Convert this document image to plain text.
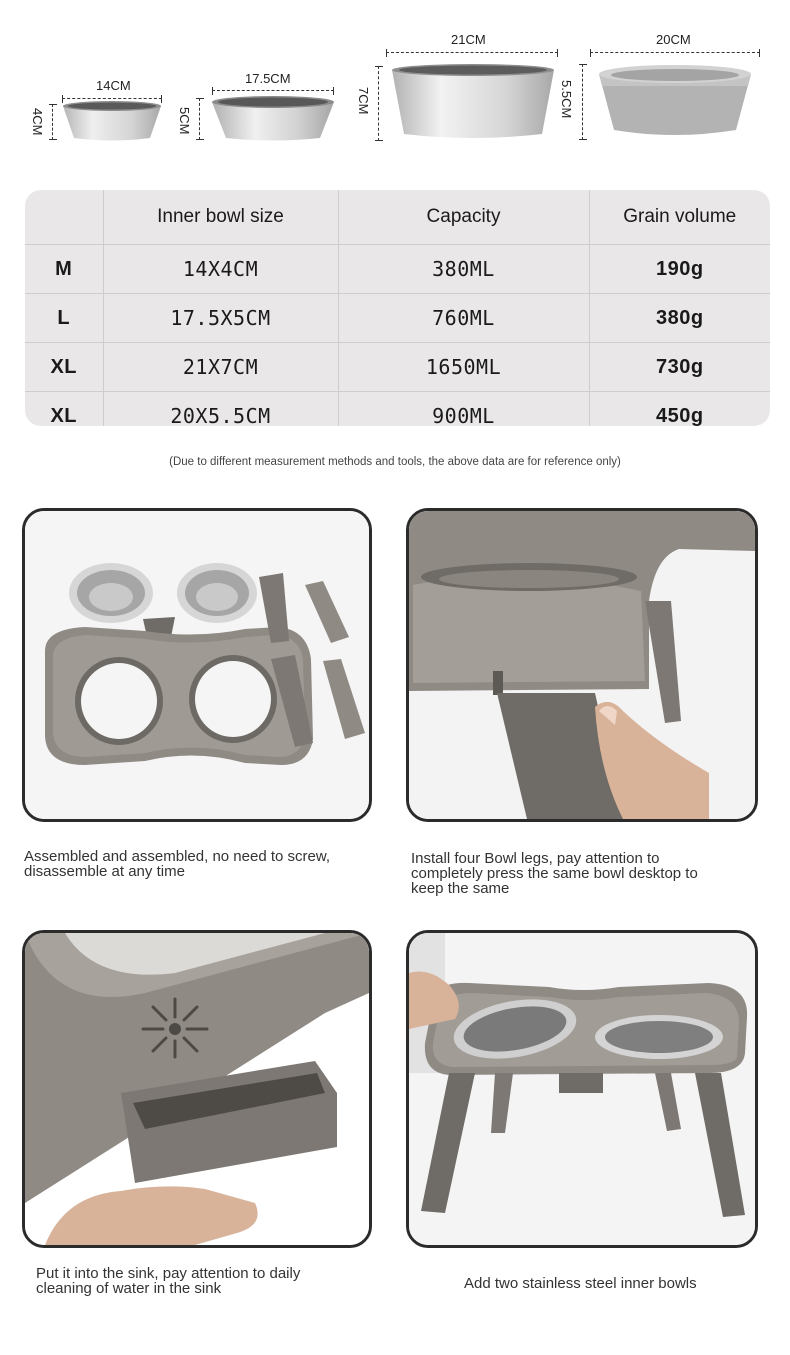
14CM
4CM
17.5CM
5CM
21CM
7CM
20CM
5.5CM
	Inner bowl size	Capacity	Grain volume
M	14X4CM	380ML	190g
L	17.5X5CM	760ML	380g
XL	21X7CM	1650ML	730g
XL	20X5.5CM	900ML	450g
(Due to different measurement methods and tools, the above data are for reference only)
Assembled and assembled, no need to screw,
disassemble at any time
Install four Bowl legs, pay attention to
completely press the same bowl desktop to
keep the same
Put it into the sink, pay attention to daily
cleaning of water in the sink	Add two stainless steel inner bowls
